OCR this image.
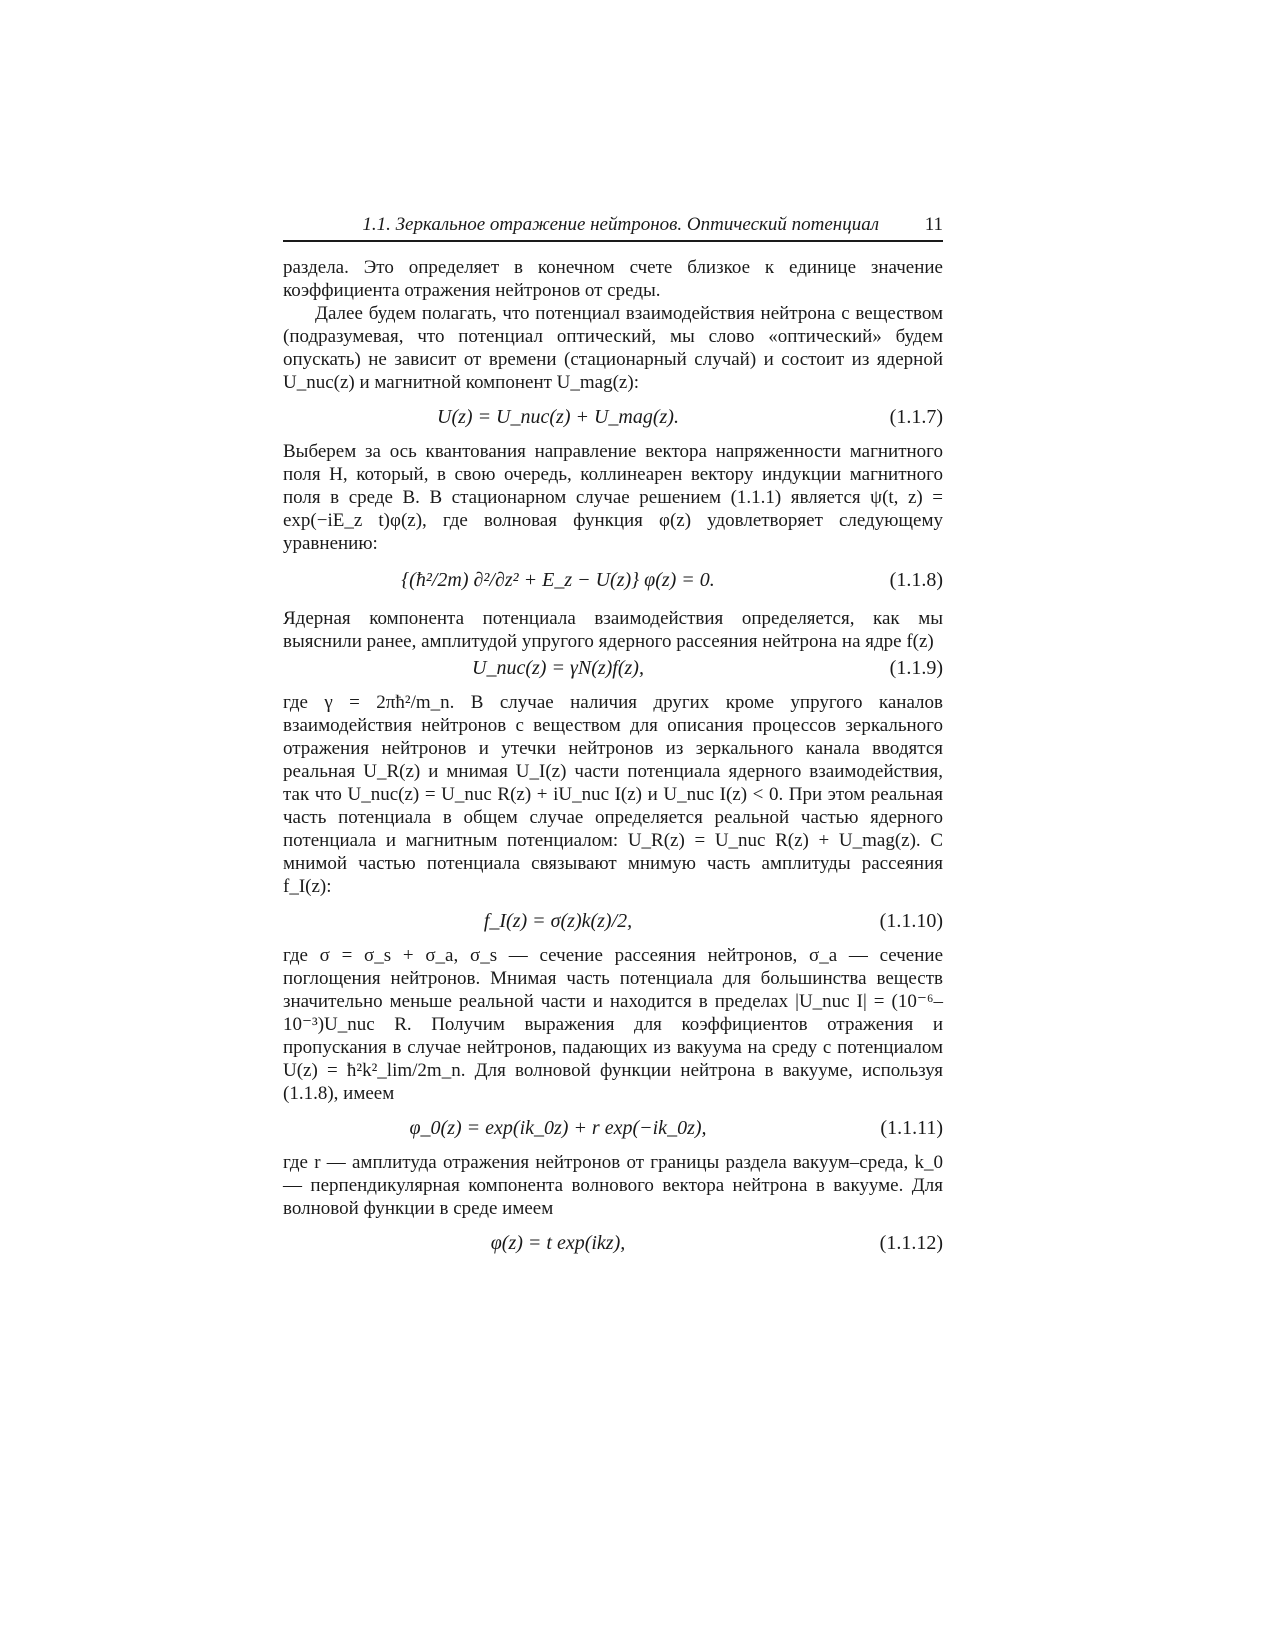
1.1. Зеркальное отражение нейтронов. Оптический потенциал 11

раздела. Это определяет в конечном счете близкое к единице значение коэффициента отражения нейтронов от среды.

Далее будем полагать, что потенциал взаимодействия нейтрона с веществом (подразумевая, что потенциал оптический, мы слово «оптический» будем опускать) не зависит от времени (стационарный случай) и состоит из ядерной U_nuc(z) и магнитной компонент U_mag(z):

U(z) = U_nuc(z) + U_mag(z).	(1.1.7)

Выберем за ось квантования направление вектора напряженности магнитного поля H, который, в свою очередь, коллинеарен вектору индукции магнитного поля в среде B. В стационарном случае решением (1.1.1) является ψ(t, z) = exp(−iE_z t)φ(z), где волновая функция φ(z) удовлетворяет следующему уравнению:

{(ħ²/2m) ∂²/∂z² + E_z − U(z)} φ(z) = 0.	(1.1.8)

Ядерная компонента потенциала взаимодействия определяется, как мы выяснили ранее, амплитудой упругого ядерного рассеяния нейтрона на ядре f(z)

U_nuc(z) = γN(z)f(z),	(1.1.9)

где γ = 2πħ²/m_n. В случае наличия других кроме упругого каналов взаимодействия нейтронов с веществом для описания процессов зеркального отражения нейтронов и утечки нейтронов из зеркального канала вводятся реальная U_R(z) и мнимая U_I(z) части потенциала ядерного взаимодействия, так что U_nuc(z) = U_nuc R(z) + iU_nuc I(z) и U_nuc I(z) < 0. При этом реальная часть потенциала в общем случае определяется реальной частью ядерного потенциала и магнитным потенциалом: U_R(z) = U_nuc R(z) + U_mag(z). С мнимой частью потенциала связывают мнимую часть амплитуды рассеяния f_I(z):

f_I(z) = σ(z)k(z)/2,	(1.1.10)

где σ = σ_s + σ_a, σ_s — сечение рассеяния нейтронов, σ_a — сечение поглощения нейтронов. Мнимая часть потенциала для большинства веществ значительно меньше реальной части и находится в пределах |U_nuc I| = (10⁻⁶–10⁻³)U_nuc R. Получим выражения для коэффициентов отражения и пропускания в случае нейтронов, падающих из вакуума на среду с потенциалом U(z) = ħ²k²_lim/2m_n. Для волновой функции нейтрона в вакууме, используя (1.1.8), имеем

φ_0(z) = exp(ik_0z) + r exp(−ik_0z),	(1.1.11)

где r — амплитуда отражения нейтронов от границы раздела вакуум–среда, k_0 — перпендикулярная компонента волнового вектора нейтрона в вакууме. Для волновой функции в среде имеем

φ(z) = t exp(ikz),	(1.1.12)
